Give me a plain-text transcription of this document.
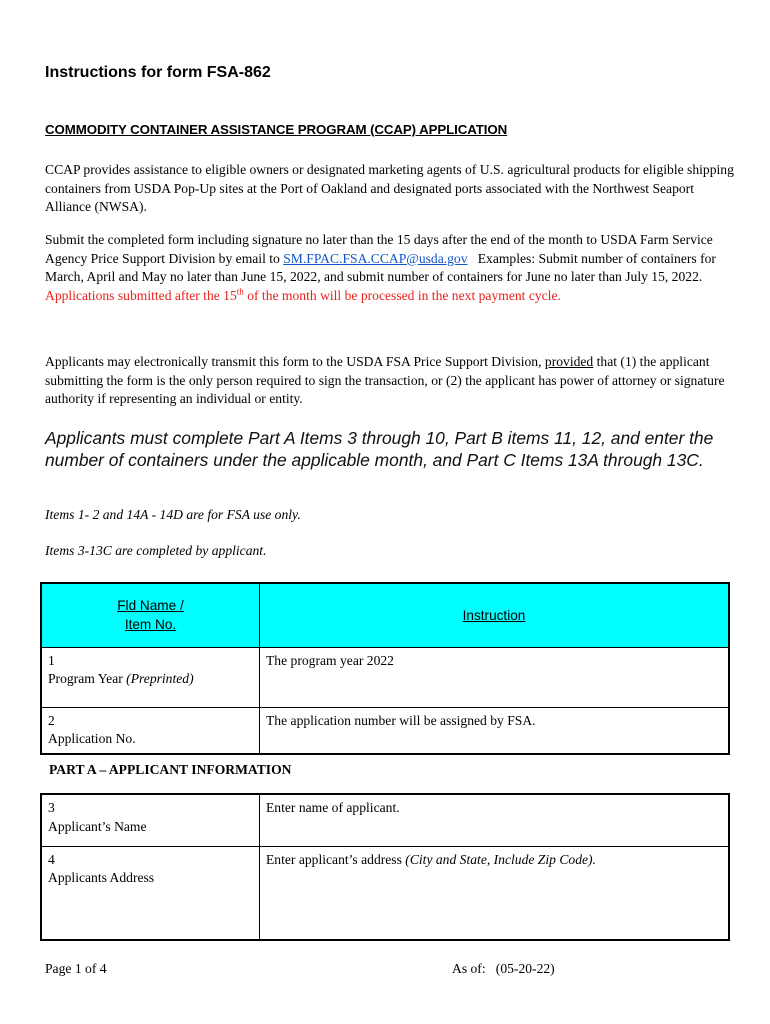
Instructions for form FSA-862
COMMODITY CONTAINER ASSISTANCE PROGRAM (CCAP) APPLICATION
CCAP provides assistance to eligible owners or designated marketing agents of U.S. agricultural products for eligible shipping containers from USDA Pop-Up sites at the Port of Oakland and designated ports associated with the Northwest Seaport Alliance (NWSA).
Submit the completed form including signature no later than the 15 days after the end of the month to USDA Farm Service Agency Price Support Division by email to SM.FPAC.FSA.CCAP@usda.gov   Examples: Submit number of containers for March, April and May no later than June 15, 2022, and submit number of containers for June no later than July 15, 2022.  Applications submitted after the 15th of the month will be processed in the next payment cycle.
Applicants may electronically transmit this form to the USDA FSA Price Support Division, provided that (1) the applicant submitting the form is the only person required to sign the transaction, or (2) the applicant has power of attorney or signature authority if representing an individual or entity.
Applicants must complete Part A Items 3 through 10, Part B items 11, 12, and enter the number of containers under the applicable month, and Part C Items 13A through 13C.
Items 1- 2 and 14A - 14D are for FSA use only.
Items 3-13C are completed by applicant.
Fld Name /
Item No.	Instruction
1
Program Year (Preprinted)	The program year 2022
2
Application No.	The application number will be assigned by FSA.
PART A – APPLICANT INFORMATION
3
Applicant’s Name	Enter name of applicant.
4
Applicants Address	Enter applicant’s address (City and State, Include Zip Code).
Page 1 of 4	As of:   (05-20-22)
